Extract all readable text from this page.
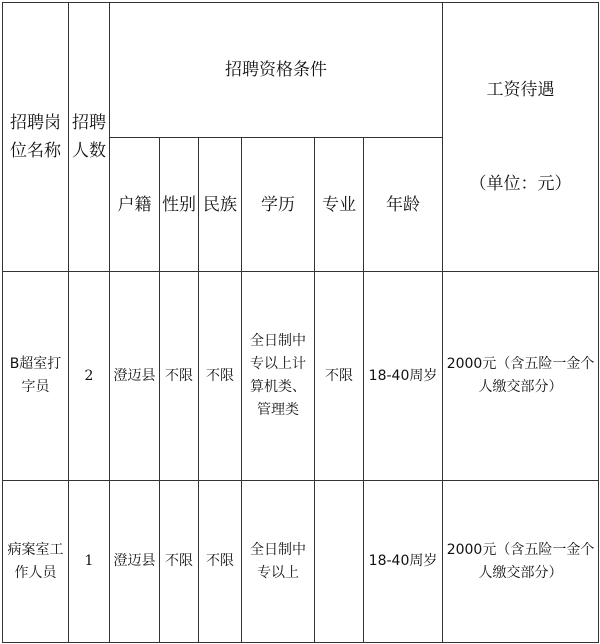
招聘岗位名称	招聘人数	招聘资格条件						工资待遇
（单位：元）

		户籍	性别	民族	学历	专业	年龄	
B超室打字员	2	澄迈县	不限	不限	全日制中专以上计算机类、管理类	不限	18-40周岁	2000元（含五险一金个人缴交部分）
病案室工作人员	1	澄迈县	不限	不限	全日制中专以上		18-40周岁	2000元（含五险一金个人缴交部分）
